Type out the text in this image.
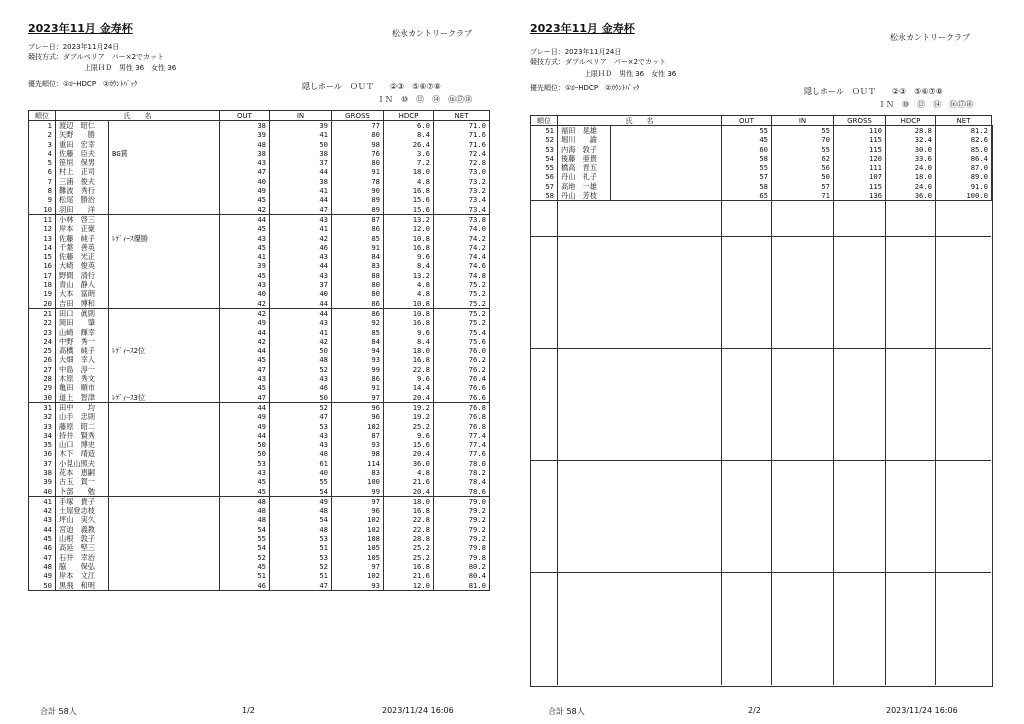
2023年11月 金寿杯	松永カントリークラブ
プレー日：2023年11月24日
競技方式：ダブルペリア　パー×2でカット
上限ＨＤ　男性 36　女性 36
優先順位：①ﾛｰHDCP　②ｶｳﾝﾄﾊﾞｯｸ	隠しホール　ＯＵＴ　　②③　⑤⑥⑦⑧
ＩＮ　⑩　⑫　⑭　⑯⑰⑱
順位	氏　　名		OUT	IN	GROSS	HDCP	NET
1	渡辺　昭仁		38	39	77	6.0	71.0
2	矢野　　勝		39	41	80	8.4	71.6
3	重田　宏幸		48	50	98	26.4	71.6
4	佐藤　臣夫	BG賞	38	38	76	3.6	72.4
5	笹垣　保男		43	37	80	7.2	72.8
6	村上　正司		47	44	91	18.0	73.0
7	三浦　俊夫		40	38	78	4.8	73.2
8	難波　秀行		49	41	90	16.8	73.2
9	松尾　勝治		45	44	89	15.6	73.4
10	羽田　　洋		42	47	89	15.6	73.4
11	小林　啓三		44	43	87	13.2	73.8
12	岸本　正豪		45	41	86	12.0	74.0
13	佐藤　純子	ﾚﾃﾞｨｰｽ優勝	43	42	85	10.8	74.2
14	千葉　善英		45	46	91	16.8	74.2
15	佐藤　光正		41	43	84	9.6	74.4
16	大崎　俊英		39	44	83	8.4	74.6
17	野間　清行		45	43	88	13.2	74.8
18	青山　静人		43	37	80	4.8	75.2
19	大本　富朗		40	40	80	4.8	75.2
20	吉田　博和		42	44	86	10.8	75.2
21	田口　眞則		42	44	86	10.8	75.2
22	岡田　　肇		49	43	92	16.8	75.2
23	山崎　輝幸		44	41	85	9.6	75.4
24	中野　秀一		42	42	84	8.4	75.6
25	高橋　純子	ﾚﾃﾞｨｰｽ2位	44	50	94	18.0	76.0
26	大畑　幸人		45	48	93	16.8	76.2
27	中島　淳一		47	52	99	22.8	76.2
28	木原　秀文		43	43	86	9.6	76.4
29	亀田　順市		45	46	91	14.4	76.6
30	道上　智津	ﾚﾃﾞｨｰｽ3位	47	50	97	20.4	76.6
31	田中　　均		44	52	96	19.2	76.8
32	山手　忠則		49	47	96	19.2	76.8
33	藤原　昭二		49	53	102	25.2	76.8
34	持井　賢秀		44	43	87	9.6	77.4
35	山口　博史		50	43	93	15.6	77.4
36	木下　靖造		50	48	98	20.4	77.6
37	小見山照夫		53	61	114	36.0	78.0
38	花本　恵嗣		43	40	83	4.8	78.2
39	古玉　賀一		45	55	100	21.6	78.4
40	卜部　　勉		45	54	99	20.4	78.6
41	手塚　貴子		48	49	97	18.0	79.0
42	土屋登志枝		48	48	96	16.8	79.2
43	坪山　実久		48	54	102	22.8	79.2
44	宮迫　義教		54	48	102	22.8	79.2
45	山根　敦子		55	53	108	28.8	79.2
46	高延　堅三		54	51	105	25.2	79.8
47	石井　幸治		52	53	105	25.2	79.8
48	脇　　保弘		45	52	97	16.8	80.2
49	岸本　文江		51	51	102	21.6	80.4
50	黒飛　和明		46	47	93	12.0	81.0
合計 58人	1/2	2023/11/24 16:06
2023年11月 金寿杯
松永カントリークラブ
プレー日：2023年11月24日
競技方式：ダブルペリア　パー×2でカット
上限ＨＤ　男性 36　女性 36
優先順位：①ﾛｰHDCP　②ｶｳﾝﾄﾊﾞｯｸ	隠しホール　ＯＵＴ　　②③　⑤⑥⑦⑧
ＩＮ　⑩　⑫　⑭　⑯⑰⑱
順位	氏　　名		OUT	IN	GROSS	HDCP	NET
51	福田　晃雄		55	55	110	28.8	81.2
52	堀川　　諭		45	70	115	32.4	82.6
53	内海　敦子		60	55	115	30.0	85.0
54	後藤　亜貴		58	62	120	33.6	86.4
55	橋高　晋五		55	56	111	24.0	87.0
56	丹山　礼子		57	50	107	18.0	89.0
57	高地　一雄		58	57	115	24.0	91.0
58	丹山　芳枝		65	71	136	36.0	100.0
合計 58人	2/2	2023/11/24 16:06
